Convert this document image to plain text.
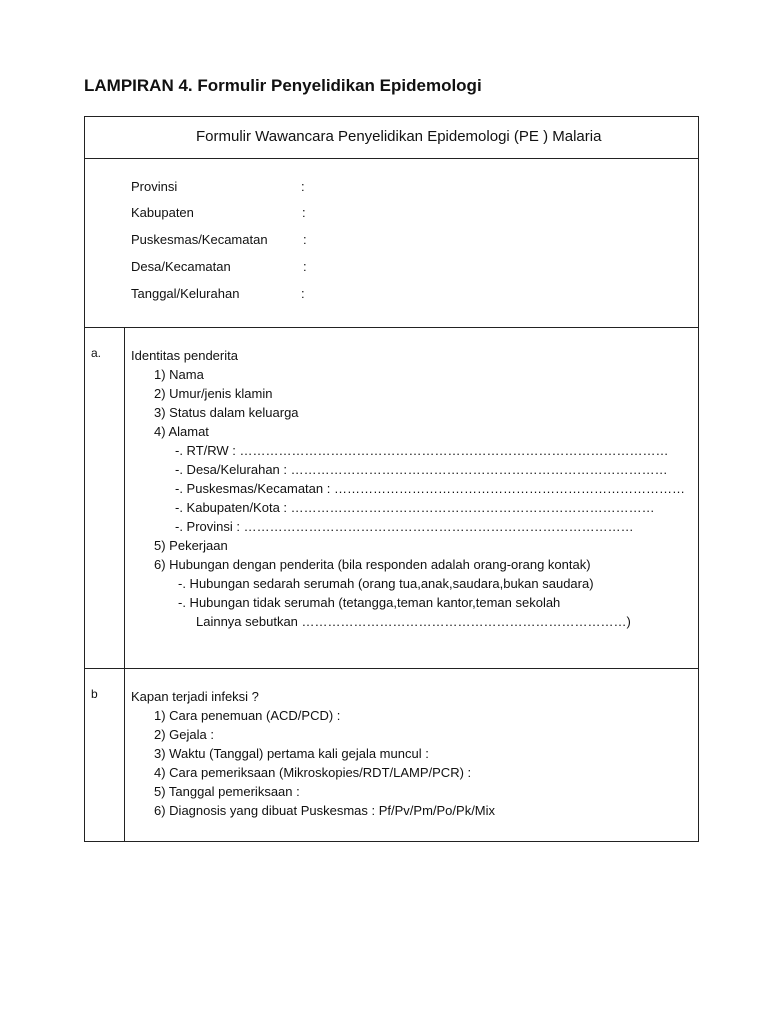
LAMPIRAN 4. Formulir Penyelidikan Epidemologi
Formulir Wawancara Penyelidikan Epidemologi (PE ) Malaria
Provinsi	:
Kabupaten	:
Puskesmas/Kecamatan	:
Desa/Kecamatan	:
Tanggal/Kelurahan	:
a. Identitas penderita
1) Nama
2) Umur/jenis klamin
3) Status dalam keluarga
4) Alamat
-. RT/RW : ………………………………………………………………………………………
-. Desa/Kelurahan : ……………………………………………………………………………
-. Puskesmas/Kecamatan : ………………………………………………………………………
-. Kabupaten/Kota : …………………………………………………………………………
-. Provinsi : ………………………………………………………………………………
5) Pekerjaan
6) Hubungan dengan penderita (bila responden adalah orang-orang kontak)
-. Hubungan sedarah serumah (orang tua,anak,saudara,bukan saudara)
-. Hubungan tidak serumah (tetangga,teman kantor,teman sekolah
Lainnya sebutkan …………………………………………………………………)
b	Kapan terjadi infeksi ?
1) Cara penemuan (ACD/PCD) :
2) Gejala :
3) Waktu (Tanggal) pertama kali gejala muncul :
4) Cara pemeriksaan (Mikroskopies/RDT/LAMP/PCR) :
5) Tanggal pemeriksaan :
6) Diagnosis yang dibuat Puskesmas : Pf/Pv/Pm/Po/Pk/Mix
